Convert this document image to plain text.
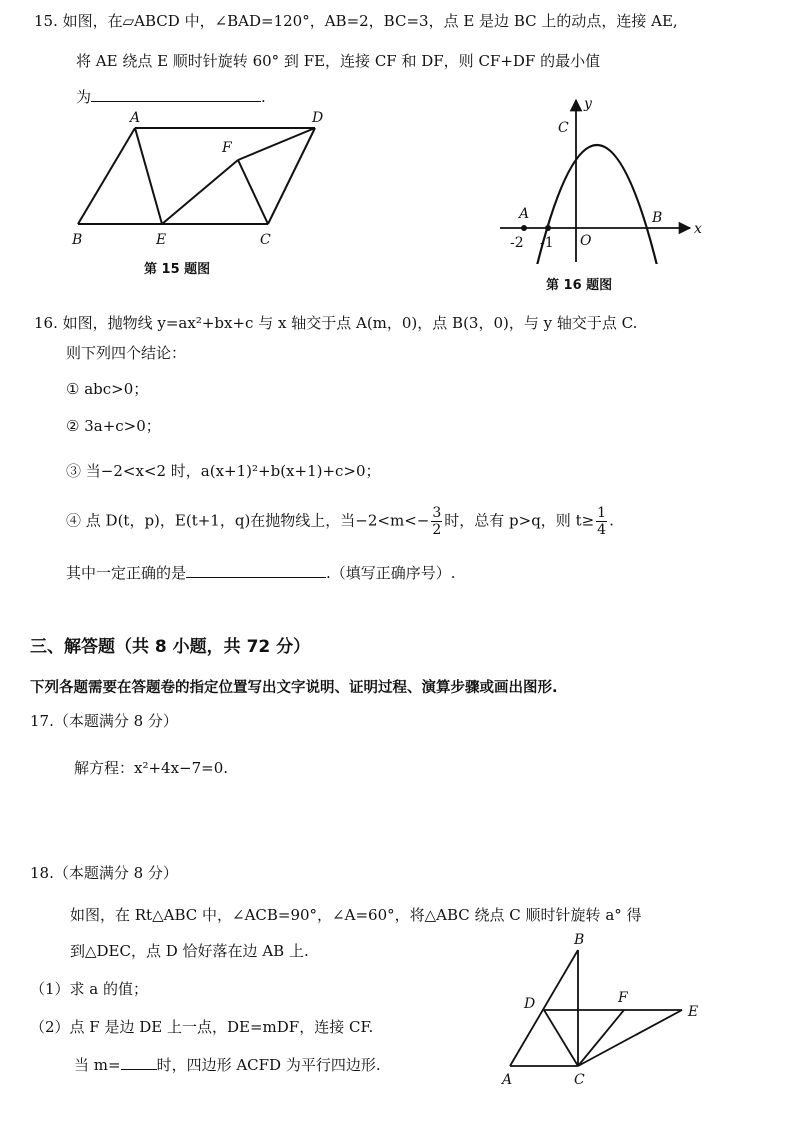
15. 如图，在▱ABCD 中，∠BAD=120°，AB=2，BC=3，点 E 是边 BC 上的动点，连接 AE,
将 AE 绕点 E 顺时针旋转 60° 到 FE，连接 CF 和 DF，则 CF+DF 的最小值
为	.
A	D
F
B	E	C
第 15 题图
y
C
A	B
x
-2 -1 O
第 16 题图
16. 如图，抛物线 y=ax²+bx+c 与 x 轴交于点 A(m，0)，点 B(3，0)，与 y 轴交于点 C.
则下列四个结论：
① abc>0；
② 3a+c>0；
③ 当−2<x<2 时，a(x+1)²+b(x+1)+c>0；
④ 点 D(t，p)，E(t+1，q)在抛物线上，当$-2<m<- \frac{3}{2}$ 时，总有 p>q，则 $t\ge \frac{1}{4}$ .
其中一定正确的是	.（填写正确序号）.
三、解答题（共 8 小题，共 72 分）
下列各题需要在答题卷的指定位置写出文字说明、证明过程、演算步骤或画出图形.
17.（本题满分 8 分）
解方程：x²+4x−7=0.
18.（本题满分 8 分）
如图，在 Rt△ABC 中，∠ACB=90°，∠A=60°，将△ABC 绕点 C 顺时针旋转 a° 得
到△DEC，点 D 恰好落在边 AB 上.
（1）求 a 的值；
（2）点 F 是边 DE 上一点，DE=mDF，连接 CF.
当 m= 时，四边形 ACFD 为平行四边形.
B
D	F
E
A	C
